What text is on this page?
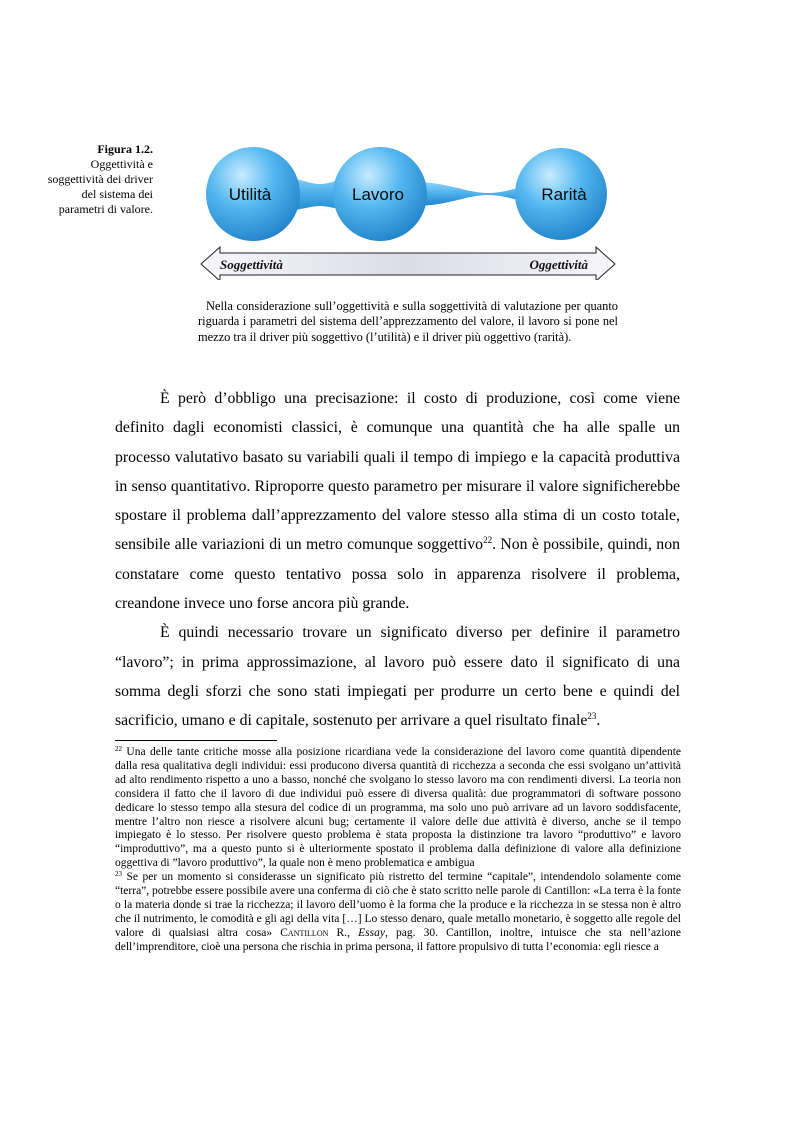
Figura 1.2.
Oggettività e soggettività dei driver del sistema dei parametri di valore.
Utilità	Lavoro	Rarità
Soggettività	Oggettività
Nella considerazione sull’oggettività e sulla soggettività di valutazione per quanto riguarda i parametri del sistema dell’apprezzamento del valore, il lavoro si pone nel mezzo tra il driver più soggettivo (l’utilità) e il driver più oggettivo (rarità).

È però d’obbligo una precisazione: il costo di produzione, così come viene definito dagli economisti classici, è comunque una quantità che ha alle spalle un processo valutativo basato su variabili quali il tempo di impiego e la capacità produttiva in senso quantitativo. Riproporre questo parametro per misurare il valore significherebbe spostare il problema dall’apprezzamento del valore stesso alla stima di un costo totale, sensibile alle variazioni di un metro comunque soggettivo$^{22}$. Non è possibile, quindi, non constatare come questo tentativo possa solo in apparenza risolvere il problema, creandone invece uno forse ancora più grande.

È quindi necessario trovare un significato diverso per definire il parametro “lavoro”; in prima approssimazione, al lavoro può essere dato il significato di una somma degli sforzi che sono stati impiegati per produrre un certo bene e quindi del sacrificio, umano e di capitale, sostenuto per arrivare a quel risultato finale$^{23}$.

$^{22}$ Una delle tante critiche mosse alla posizione ricardiana vede la considerazione del lavoro come quantità dipendente dalla resa qualitativa degli individui: essi producono diversa quantità di ricchezza a seconda che essi svolgano un’attività ad alto rendimento rispetto a uno a basso, nonché che svolgano lo stesso lavoro ma con rendimenti diversi. La teoria non considera il fatto che il lavoro di due individui può essere di diversa qualità: due programmatori di software possono dedicare lo stesso tempo alla stesura del codice di un programma, ma solo uno può arrivare ad un lavoro soddisfacente, mentre l’altro non riesce a risolvere alcuni bug; certamente il valore delle due attività è diverso, anche se il tempo impiegato è lo stesso. Per risolvere questo problema è stata proposta la distinzione tra lavoro “produttivo” e lavoro “improduttivo”, ma a questo punto si è ulteriormente spostato il problema dalla definizione di valore alla definizione oggettiva di ”lavoro produttivo”, la quale non è meno problematica e ambigua

$^{23}$ Se per un momento si considerasse un significato più ristretto del termine “capitale”, intendendolo solamente come “terra”, potrebbe essere possibile avere una conferma di ciò che è stato scritto nelle parole di Cantillon: «La terra è la fonte o la materia donde si trae la ricchezza; il lavoro dell’uomo è la forma che la produce e la ricchezza in se stessa non è altro che il nutrimento, le comodità e gli agi della vita […] Lo stesso denaro, quale metallo monetario, è soggetto alle regole del valore di qualsiasi altra cosa» Cantillon R., Essay, pag. 30. Cantillon, inoltre, intuisce che sta nell’azione dell’imprenditore, cioè una persona che rischia in prima persona, il fattore propulsivo di tutta l’economia: egli riesce a
